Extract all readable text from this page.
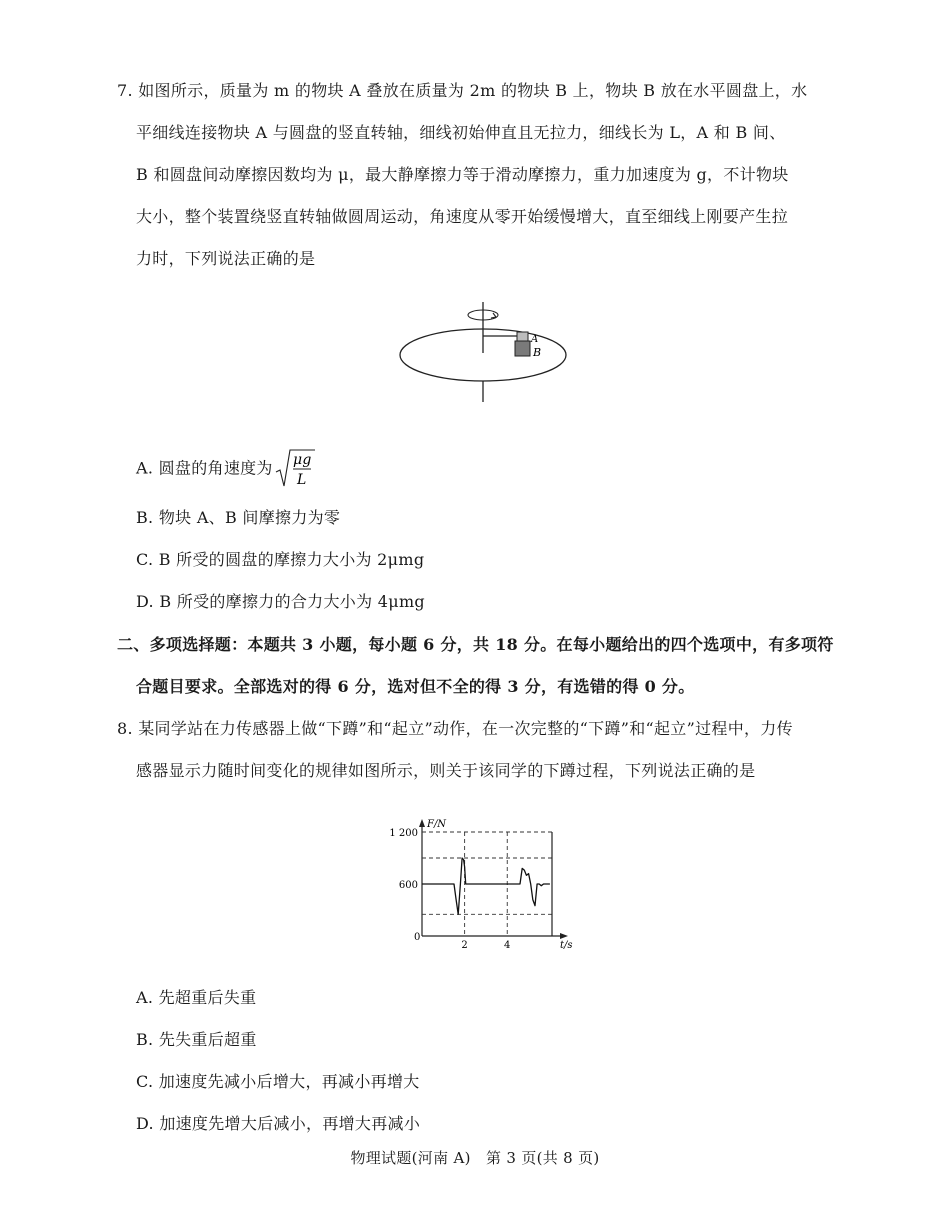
7. 如图所示，质量为 m 的物块 A 叠放在质量为 2m 的物块 B 上，物块 B 放在水平圆盘上，水
平细线连接物块 A 与圆盘的竖直转轴，细线初始伸直且无拉力，细线长为 L，A 和 B 间、
B 和圆盘间动摩擦因数均为 μ，最大静摩擦力等于滑动摩擦力，重力加速度为 g，不计物块
大小，整个装置绕竖直转轴做圆周运动，角速度从零开始缓慢增大，直至细线上刚要产生拉
力时，下列说法正确的是
A
B
A. 圆盘的角速度为 μg
L
B. 物块 A、B 间摩擦力为零
C. B 所受的圆盘的摩擦力大小为 2μmg
D. B 所受的摩擦力的合力大小为 4μmg
二、多项选择题：本题共 3 小题，每小题 6 分，共 18 分。在每小题给出的四个选项中，有多项符
合题目要求。全部选对的得 6 分，选对但不全的得 3 分，有选错的得 0 分。
8. 某同学站在力传感器上做“下蹲”和“起立”动作，在一次完整的“下蹲”和“起立”过程中，力传
感器显示力随时间变化的规律如图所示，则关于该同学的下蹲过程，下列说法正确的是
F/N
t/s
0
600
1 200
2	4
A. 先超重后失重
B. 先失重后超重
C. 加速度先减小后增大，再减小再增大
D. 加速度先增大后减小，再增大再减小
物理试题(河南 A)　第 3 页(共 8 页)
